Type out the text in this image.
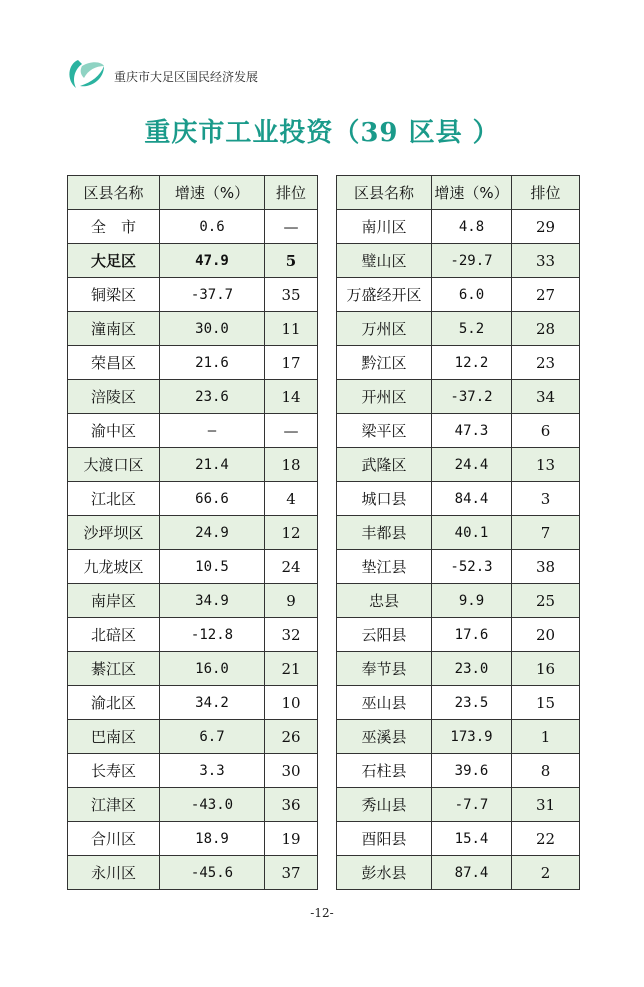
重庆市大足区国民经济发展
重庆市工业投资（39 区县 ）
区县名称	增速（%）	排位
全　市	0.6	—
大足区	47.9	5
铜梁区	-37.7	35
潼南区	30.0	11
荣昌区	21.6	17
涪陵区	23.6	14
渝中区	—	—
大渡口区	21.4	18
江北区	66.6	4
沙坪坝区	24.9	12
九龙坡区	10.5	24
南岸区	34.9	9
北碚区	-12.8	32
綦江区	16.0	21
渝北区	34.2	10
巴南区	6.7	26
长寿区	3.3	30
江津区	-43.0	36
合川区	18.9	19
永川区	-45.6	37
区县名称	增速（%）	排位
南川区	4.8	29
璧山区	-29.7	33
万盛经开区	6.0	27
万州区	5.2	28
黔江区	12.2	23
开州区	-37.2	34
梁平区	47.3	6
武隆区	24.4	13
城口县	84.4	3
丰都县	40.1	7
垫江县	-52.3	38
忠县	9.9	25
云阳县	17.6	20
奉节县	23.0	16
巫山县	23.5	15
巫溪县	173.9	1
石柱县	39.6	8
秀山县	-7.7	31
酉阳县	15.4	22
彭水县	87.4	2
-12-
